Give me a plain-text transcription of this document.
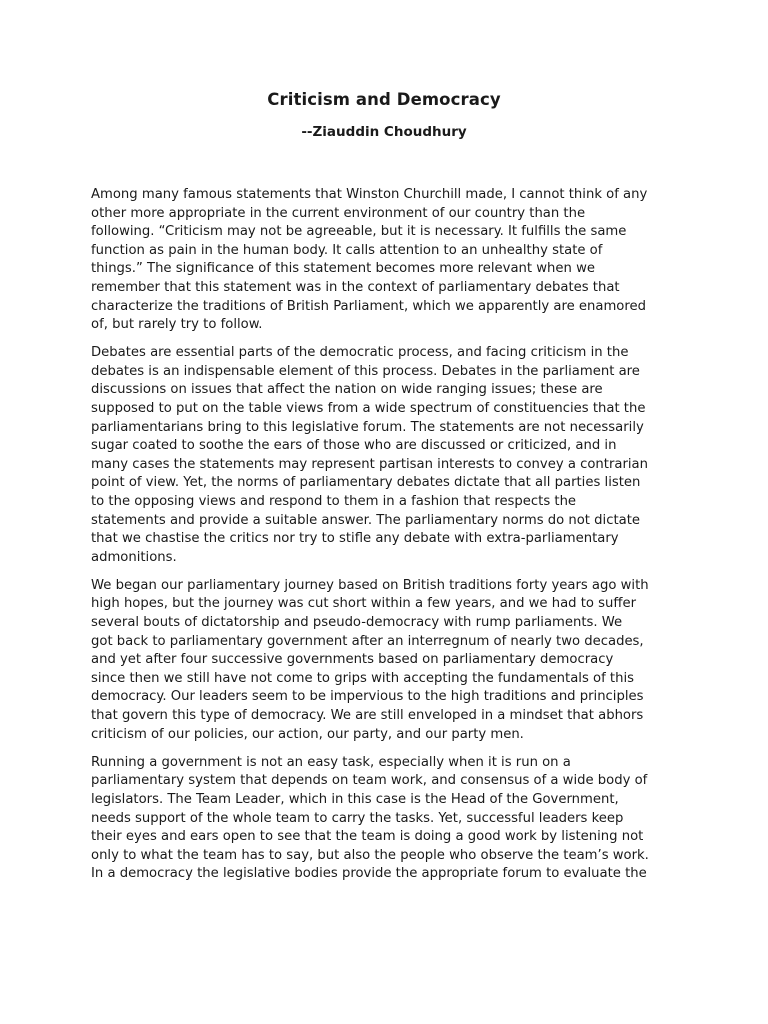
Criticism and Democracy
--Ziauddin Choudhury

Among many famous statements that Winston Churchill made, I cannot think of any
other more appropriate in the current environment of our country than the
following. “Criticism may not be agreeable, but it is necessary. It fulfills the same
function as pain in the human body. It calls attention to an unhealthy state of
things.” The significance of this statement becomes more relevant when we
remember that this statement was in the context of parliamentary debates that
characterize the traditions of British Parliament, which we apparently are enamored
of, but rarely try to follow.

Debates are essential parts of the democratic process, and facing criticism in the
debates is an indispensable element of this process. Debates in the parliament are
discussions on issues that affect the nation on wide ranging issues; these are
supposed to put on the table views from a wide spectrum of constituencies that the
parliamentarians bring to this legislative forum. The statements are not necessarily
sugar coated to soothe the ears of those who are discussed or criticized, and in
many cases the statements may represent partisan interests to convey a contrarian
point of view. Yet, the norms of parliamentary debates dictate that all parties listen
to the opposing views and respond to them in a fashion that respects the
statements and provide a suitable answer. The parliamentary norms do not dictate
that we chastise the critics nor try to stifle any debate with extra-parliamentary
admonitions.

We began our parliamentary journey based on British traditions forty years ago with
high hopes, but the journey was cut short within a few years, and we had to suffer
several bouts of dictatorship and pseudo-democracy with rump parliaments. We
got back to parliamentary government after an interregnum of nearly two decades,
and yet after four successive governments based on parliamentary democracy
since then we still have not come to grips with accepting the fundamentals of this
democracy. Our leaders seem to be impervious to the high traditions and principles
that govern this type of democracy. We are still enveloped in a mindset that abhors
criticism of our policies, our action, our party, and our party men.

Running a government is not an easy task, especially when it is run on a
parliamentary system that depends on team work, and consensus of a wide body of
legislators. The Team Leader, which in this case is the Head of the Government,
needs support of the whole team to carry the tasks. Yet, successful leaders keep
their eyes and ears open to see that the team is doing a good work by listening not
only to what the team has to say, but also the people who observe the team’s work.
In a democracy the legislative bodies provide the appropriate forum to evaluate the
